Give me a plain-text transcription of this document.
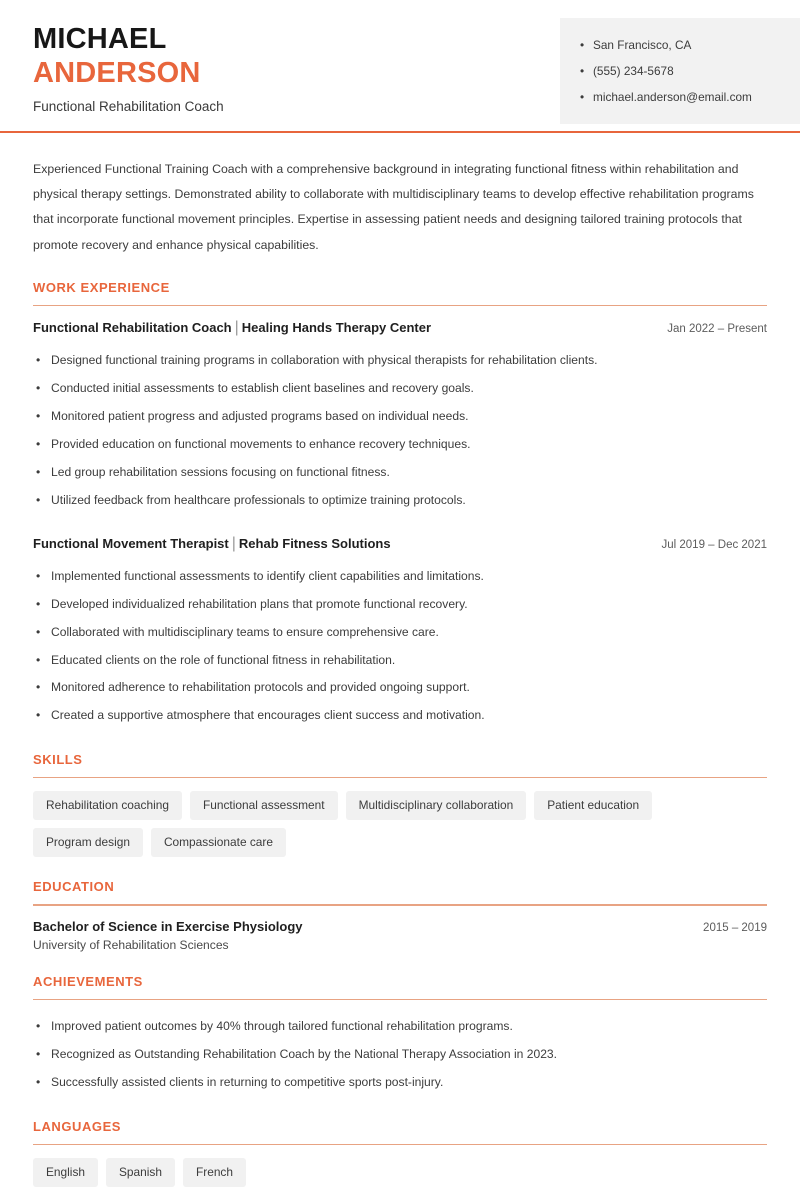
MICHAEL
ANDERSON
Functional Rehabilitation Coach
• San Francisco, CA
• (555) 234-5678
• michael.anderson@email.com

Experienced Functional Training Coach with a comprehensive background in integrating functional fitness within rehabilitation and physical therapy settings. Demonstrated ability to collaborate with multidisciplinary teams to develop effective rehabilitation programs that incorporate functional movement principles. Expertise in assessing patient needs and designing tailored training protocols that promote recovery and enhance physical capabilities.

WORK EXPERIENCE
Functional Rehabilitation Coach | Healing Hands Therapy Center	Jan 2022 – Present
• Designed functional training programs in collaboration with physical therapists for rehabilitation clients.
• Conducted initial assessments to establish client baselines and recovery goals.
• Monitored patient progress and adjusted programs based on individual needs.
• Provided education on functional movements to enhance recovery techniques.
• Led group rehabilitation sessions focusing on functional fitness.
• Utilized feedback from healthcare professionals to optimize training protocols.
Functional Movement Therapist | Rehab Fitness Solutions	Jul 2019 – Dec 2021
• Implemented functional assessments to identify client capabilities and limitations.
• Developed individualized rehabilitation plans that promote functional recovery.
• Collaborated with multidisciplinary teams to ensure comprehensive care.
• Educated clients on the role of functional fitness in rehabilitation.
• Monitored adherence to rehabilitation protocols and provided ongoing support.
• Created a supportive atmosphere that encourages client success and motivation.
SKILLS
Rehabilitation coaching	Functional assessment	Multidisciplinary collaboration	Patient education
Program design	Compassionate care
EDUCATION
Bachelor of Science in Exercise Physiology	2015 – 2019
University of Rehabilitation Sciences
ACHIEVEMENTS
• Improved patient outcomes by 40% through tailored functional rehabilitation programs.
• Recognized as Outstanding Rehabilitation Coach by the National Therapy Association in 2023.
• Successfully assisted clients in returning to competitive sports post-injury.
LANGUAGES
English	Spanish	French
